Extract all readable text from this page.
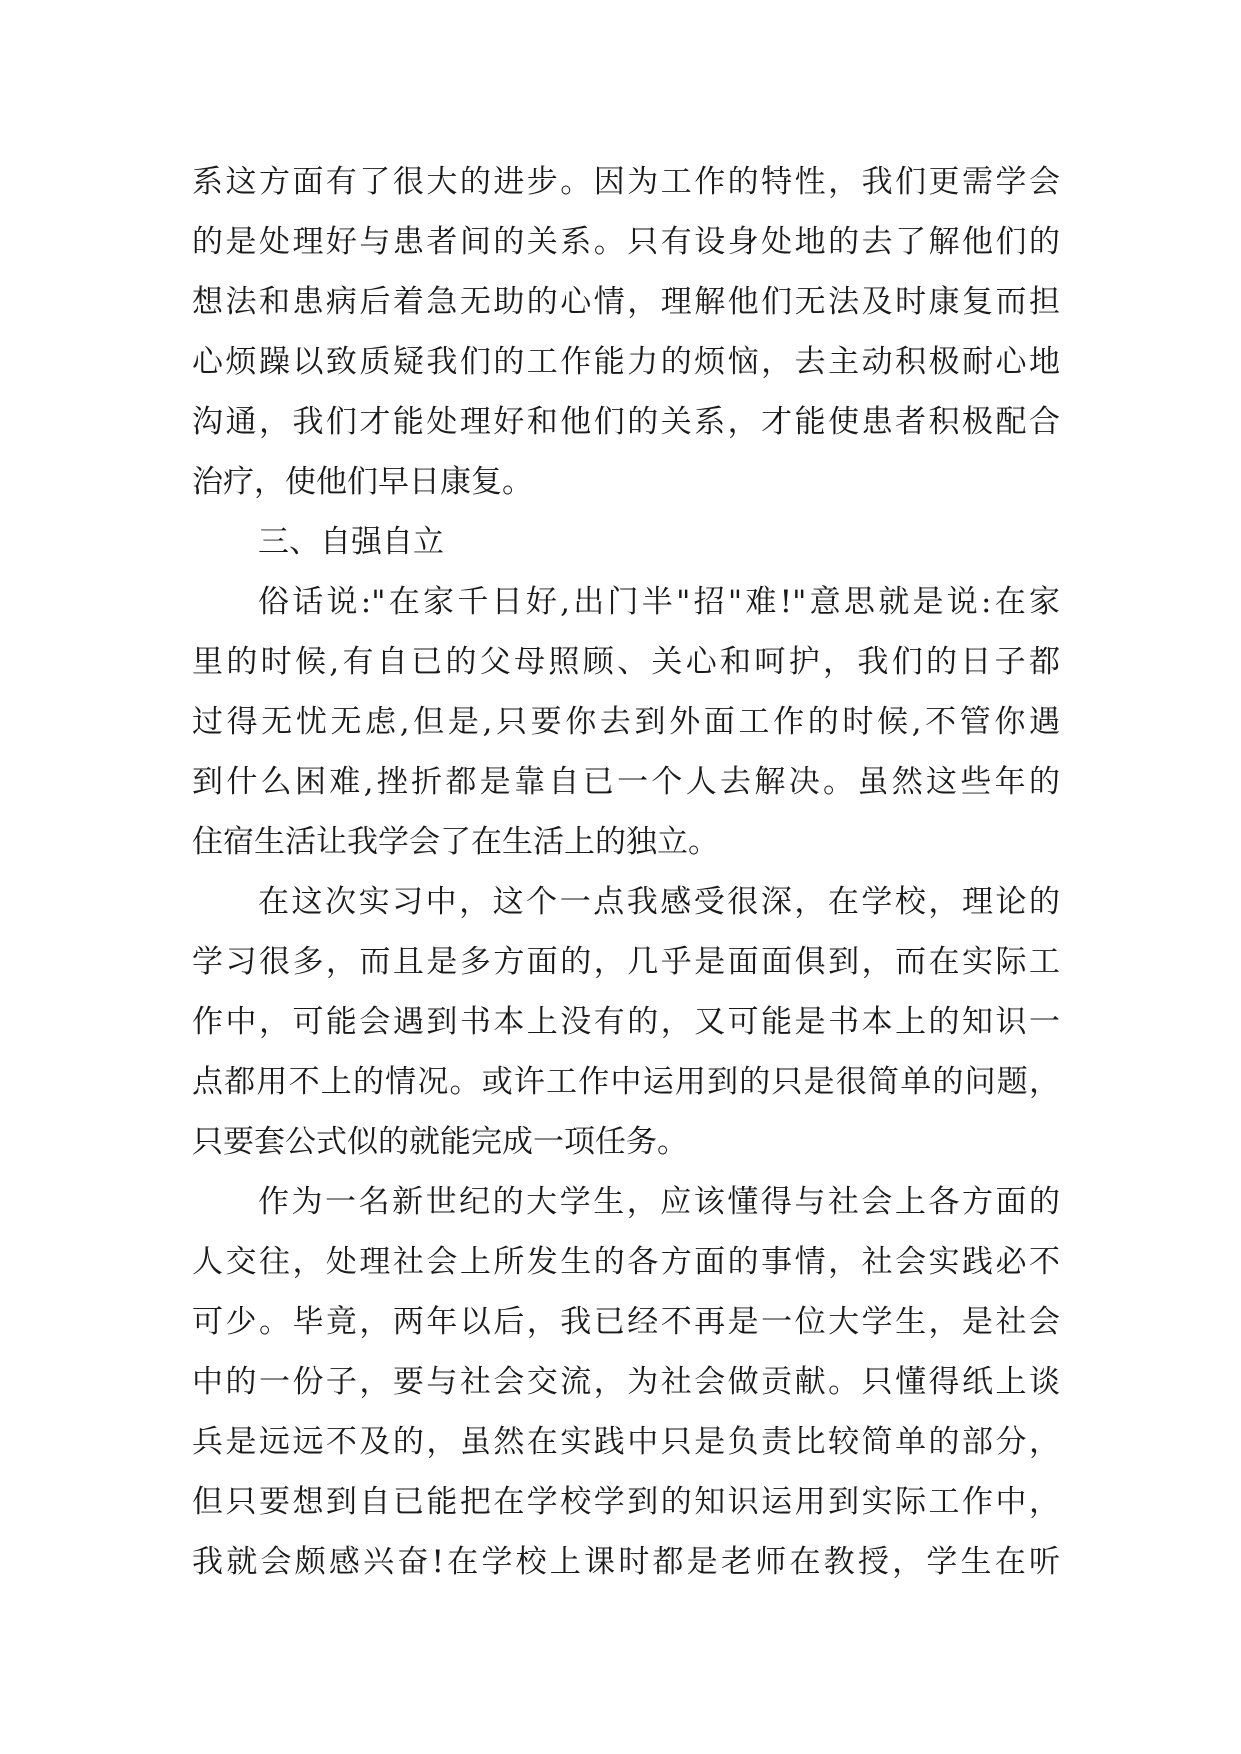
系这方面有了很大的进步。因为工作的特性，我们更需学会
的是处理好与患者间的关系。只有设身处地的去了解他们的
想法和患病后着急无助的心情，理解他们无法及时康复而担
心烦躁以致质疑我们的工作能力的烦恼，去主动积极耐心地
沟通，我们才能处理好和他们的关系，才能使患者积极配合
治疗，使他们早日康复。
三、自强自立
俗话说:"在家千日好,出门半"招"难!"意思就是说:在家
里的时候,有自已的父母照顾、关心和呵护，我们的日子都
过得无忧无虑,但是,只要你去到外面工作的时候,不管你遇
到什么困难,挫折都是靠自已一个人去解决。虽然这些年的
住宿生活让我学会了在生活上的独立。
在这次实习中，这个一点我感受很深，在学校，理论的
学习很多，而且是多方面的，几乎是面面俱到，而在实际工
作中，可能会遇到书本上没有的，又可能是书本上的知识一
点都用不上的情况。或许工作中运用到的只是很简单的问题，
只要套公式似的就能完成一项任务。
作为一名新世纪的大学生，应该懂得与社会上各方面的
人交往，处理社会上所发生的各方面的事情，社会实践必不
可少。毕竟，两年以后，我已经不再是一位大学生，是社会
中的一份子，要与社会交流，为社会做贡献。只懂得纸上谈
兵是远远不及的，虽然在实践中只是负责比较简单的部分，
但只要想到自已能把在学校学到的知识运用到实际工作中，
我就会颇感兴奋!在学校上课时都是老师在教授，学生在听
